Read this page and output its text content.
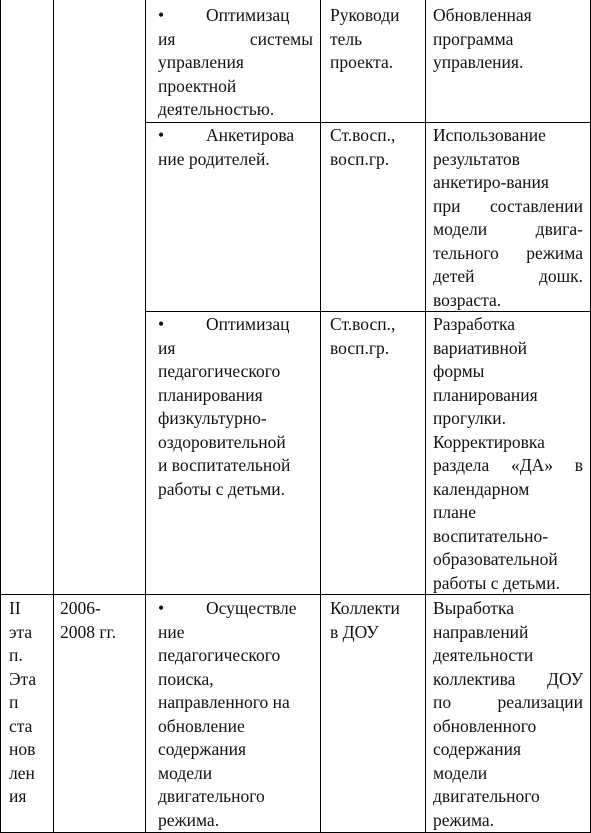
• Оптимизац
ия системы
управления
проектной
деятельностью.
Руководи
тель
проекта.
Обновленная
программа
управления.
• Анкетирова
ние родителей.
Ст.восп.,
восп.гр.
Использование
результатов
анкетиро-вания
при составлении
модели двига-
тельного режима
детей дошк.
возраста.
• Оптимизац
ия
педагогического
планирования
физкультурно-
оздоровительной
и воспитательной
работы с детьми.
Ст.восп.,
восп.гр.
Разработка
вариативной
формы
планирования
прогулки.
Корректировка
раздела «ДА» в
календарном
плане
воспитательно-
образовательной
работы с детьми.
II
эта
п.
Эта
п
ста
нов
лен
ия
2006-
2008 гг.
• Осуществле
ние
педагогического
поиска,
направленного на
обновление
содержания
модели
двигательного
режима.
Коллекти
в ДОУ
Выработка
направлений
деятельности
коллектива ДОУ
по реализации
обновленного
содержания
модели
двигательного
режима.
